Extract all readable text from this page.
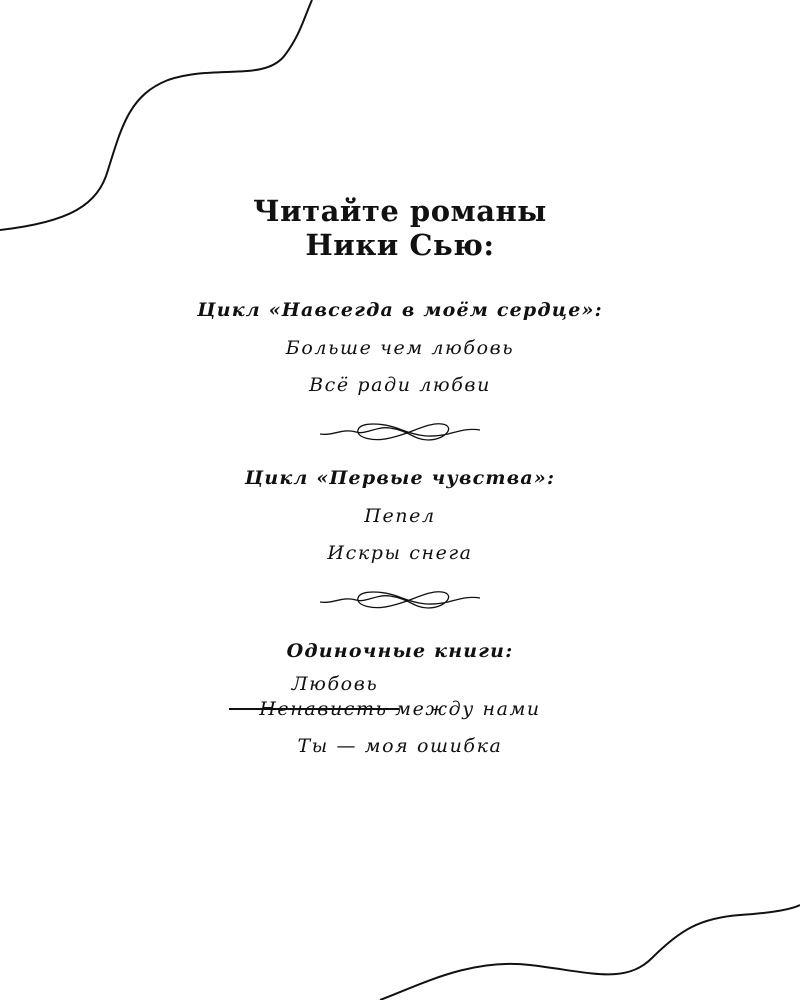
Читайте романы
Ники Сью:
Цикл «Навсегда в моём сердце»:
Больше чем любовь
Всё ради любви
Цикл «Первые чувства»:
Пепел
Искры снега
Одиночные книги:
Любовь
Ненависть между нами
Ты — моя ошибка
